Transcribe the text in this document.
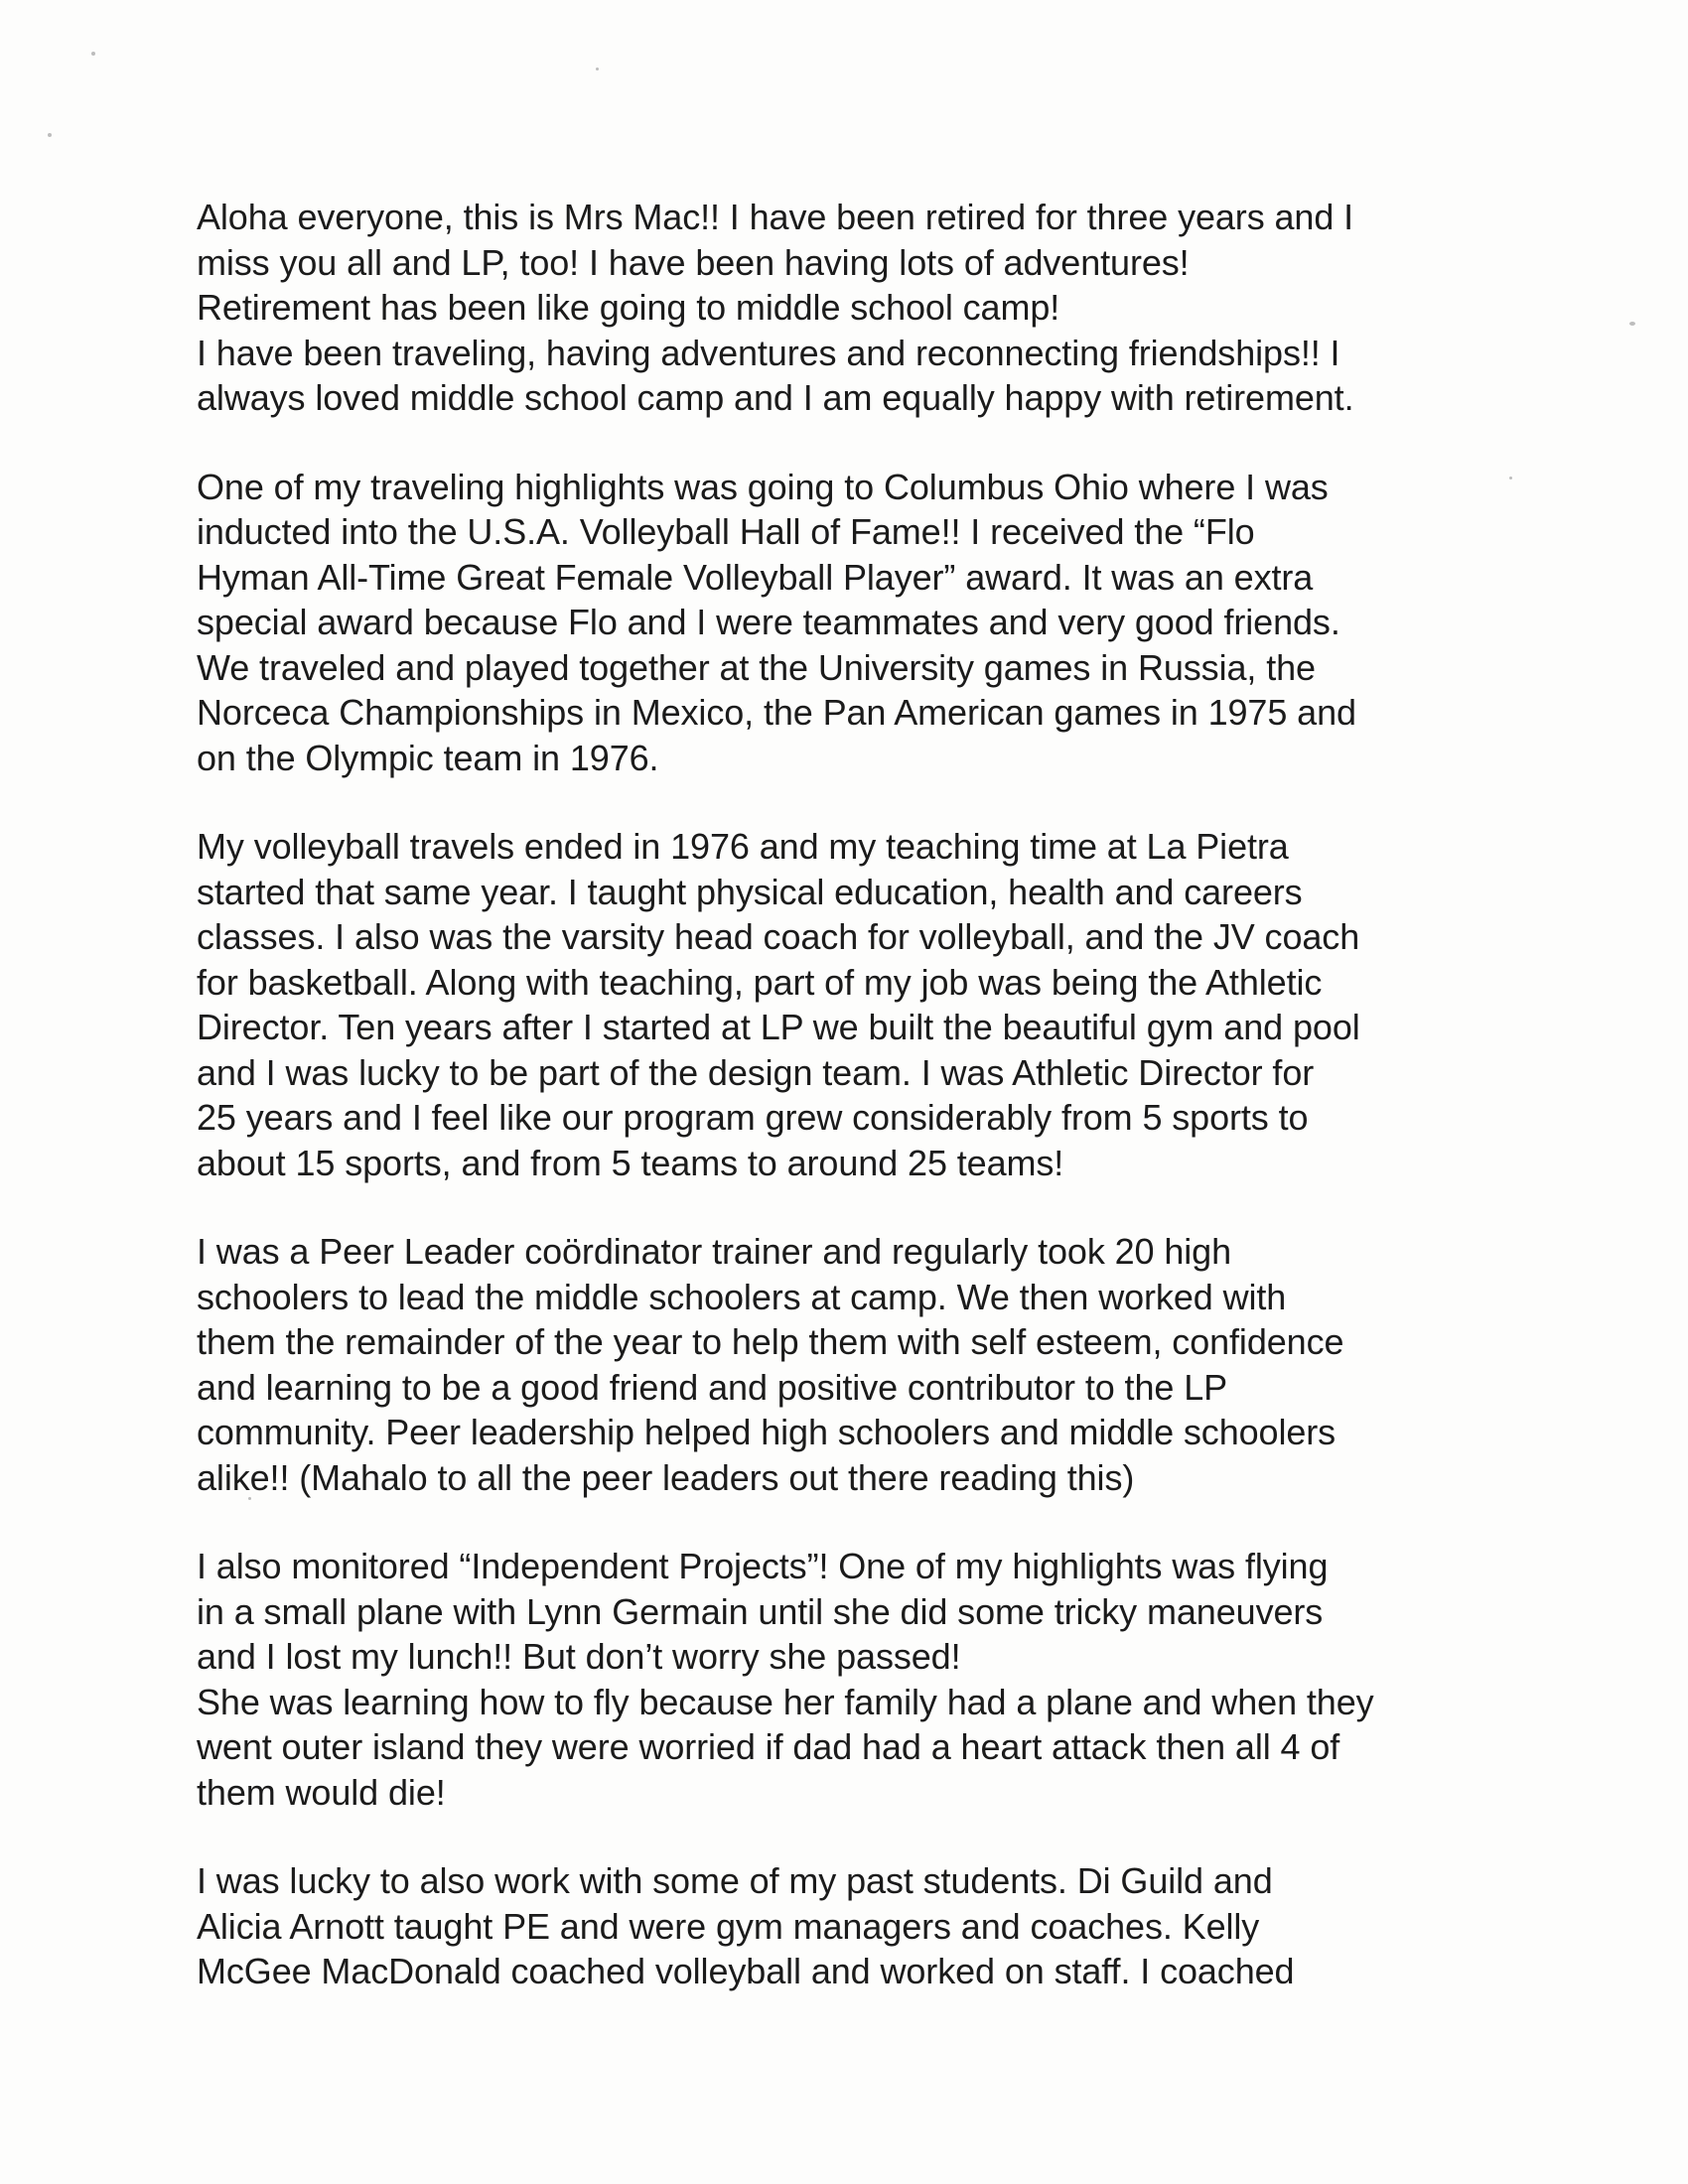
Aloha everyone, this is Mrs Mac!! I have been retired for three years and I
miss you all and LP, too! I have been having lots of adventures!
Retirement has been like going to middle school camp!
I have been traveling, having adventures and reconnecting friendships!! I
always loved middle school camp and I am equally happy with retirement.

One of my traveling highlights was going to Columbus Ohio where I was
inducted into the U.S.A. Volleyball Hall of Fame!! I received the “Flo
Hyman All-Time Great Female Volleyball Player” award. It was an extra
special award because Flo and I were teammates and very good friends.
We traveled and played together at the University games in Russia, the
Norceca Championships in Mexico, the Pan American games in 1975 and
on the Olympic team in 1976.

My volleyball travels ended in 1976 and my teaching time at La Pietra
started that same year. I taught physical education, health and careers
classes. I also was the varsity head coach for volleyball, and the JV coach
for basketball. Along with teaching, part of my job was being the Athletic
Director. Ten years after I started at LP we built the beautiful gym and pool
and I was lucky to be part of the design team. I was Athletic Director for
25 years and I feel like our program grew considerably from 5 sports to
about 15 sports, and from 5 teams to around 25 teams!

I was a Peer Leader coördinator trainer and regularly took 20 high
schoolers to lead the middle schoolers at camp. We then worked with
them the remainder of the year to help them with self esteem, confidence
and learning to be a good friend and positive contributor to the LP
community. Peer leadership helped high schoolers and middle schoolers
alike!! (Mahalo to all the peer leaders out there reading this)

I also monitored “Independent Projects”! One of my highlights was flying
in a small plane with Lynn Germain until she did some tricky maneuvers
and I lost my lunch!! But don’t worry she passed!
She was learning how to fly because her family had a plane and when they
went outer island they were worried if dad had a heart attack then all 4 of
them would die!

I was lucky to also work with some of my past students. Di Guild and
Alicia Arnott taught PE and were gym managers and coaches. Kelly
McGee MacDonald coached volleyball and worked on staff. I coached
